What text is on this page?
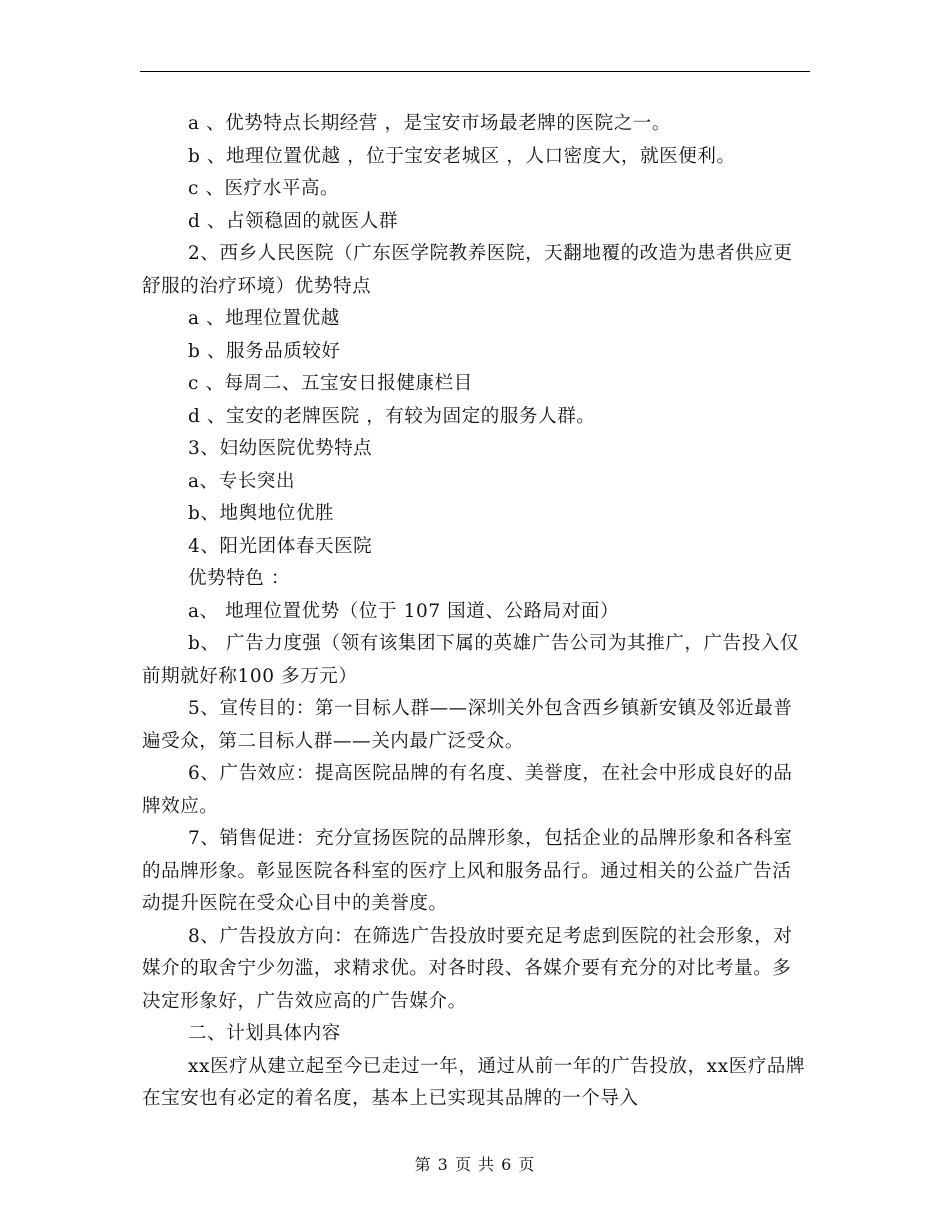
a 、优势特点长期经营 ，是宝安市场最老牌的医院之一。

b 、地理位置优越 ，位于宝安老城区 ，人口密度大，就医便利。

c 、医疗水平高。

d 、占领稳固的就医人群

2、西乡人民医院（广东医学院教养医院，天翻地覆的改造为患者供应更舒服的治疗环境）优势特点

a 、地理位置优越

b 、服务品质较好

c 、每周二、五宝安日报健康栏目

d 、宝安的老牌医院 ，有较为固定的服务人群。

3、妇幼医院优势特点

a、专长突出

b、地舆地位优胜

4、阳光团体春天医院

优势特色 ：

a、 地理位置优势（位于 107 国道、公路局对面）

b、 广告力度强（领有该集团下属的英雄广告公司为其推广，广告投入仅前期就好称100 多万元）

5、宣传目的：第一目标人群——深圳关外包含西乡镇新安镇及邻近最普遍受众，第二目标人群——关内最广泛受众。

6、广告效应：提高医院品牌的有名度、美誉度，在社会中形成良好的品牌效应。

7、销售促进：充分宣扬医院的品牌形象，包括企业的品牌形象和各科室的品牌形象。彰显医院各科室的医疗上风和服务品行。通过相关的公益广告活动提升医院在受众心目中的美誉度。

8、广告投放方向：在筛选广告投放时要充足考虑到医院的社会形象，对媒介的取舍宁少勿滥，求精求优。对各时段、各媒介要有充分的对比考量。多决定形象好，广告效应高的广告媒介。

二、计划具体内容

xx医疗从建立起至今已走过一年，通过从前一年的广告投放，xx医疗品牌在宝安也有必定的着名度，基本上已实现其品牌的一个导入

第 3 页 共 6 页
